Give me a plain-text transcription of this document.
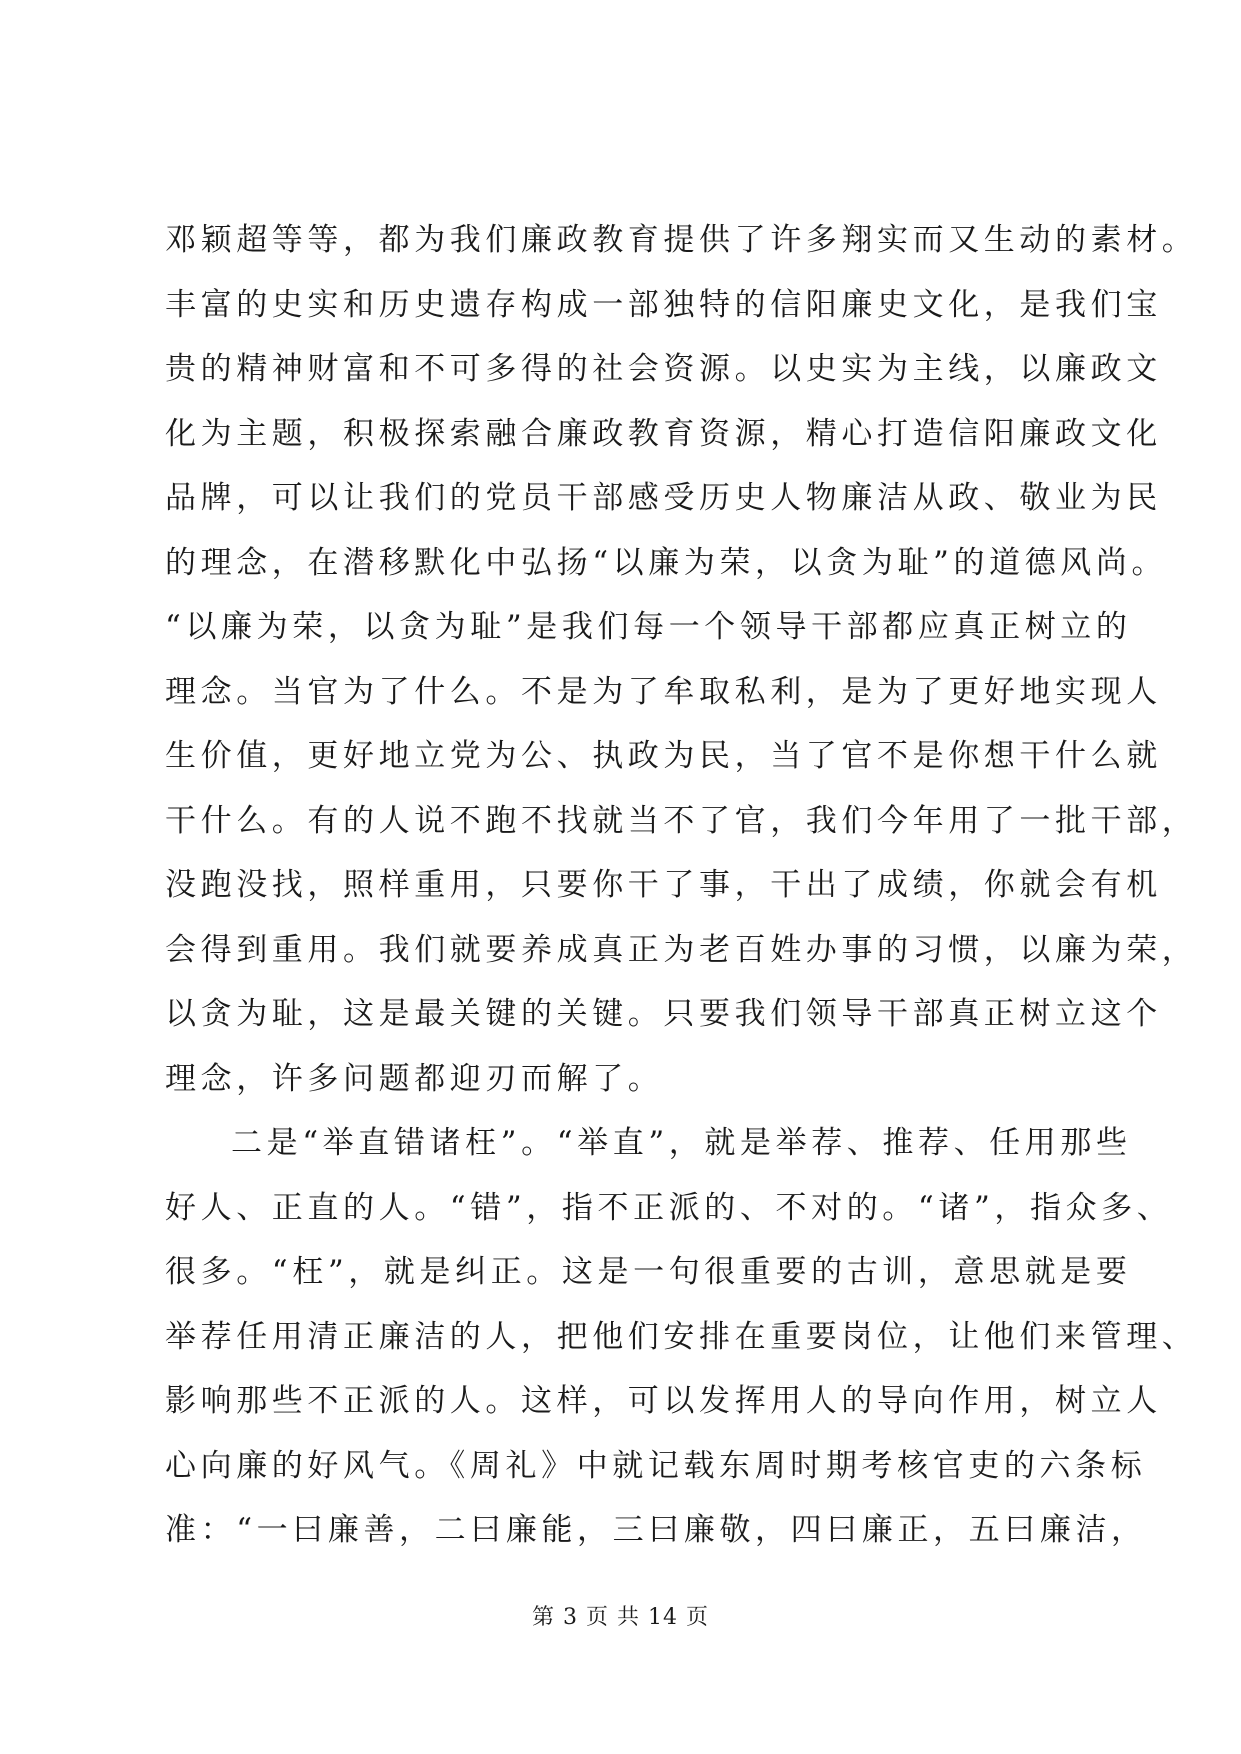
邓颖超等等，都为我们廉政教育提供了许多翔实而又生动的素材。
丰富的史实和历史遗存构成一部独特的信阳廉史文化，是我们宝
贵的精神财富和不可多得的社会资源。以史实为主线，以廉政文
化为主题，积极探索融合廉政教育资源，精心打造信阳廉政文化
品牌，可以让我们的党员干部感受历史人物廉洁从政、敬业为民
的理念，在潜移默化中弘扬“以廉为荣，以贪为耻”的道德风尚。
“以廉为荣，以贪为耻”是我们每一个领导干部都应真正树立的
理念。当官为了什么。不是为了牟取私利，是为了更好地实现人
生价值，更好地立党为公、执政为民，当了官不是你想干什么就
干什么。有的人说不跑不找就当不了官，我们今年用了一批干部，
没跑没找，照样重用，只要你干了事，干出了成绩，你就会有机
会得到重用。我们就要养成真正为老百姓办事的习惯，以廉为荣，
以贪为耻，这是最关键的关键。只要我们领导干部真正树立这个
理念，许多问题都迎刃而解了。
二是“举直错诸枉”。“举直”，就是举荐、推荐、任用那些
好人、正直的人。“错”，指不正派的、不对的。“诸”，指众多、
很多。“枉”，就是纠正。这是一句很重要的古训，意思就是要
举荐任用清正廉洁的人，把他们安排在重要岗位，让他们来管理、
影响那些不正派的人。这样，可以发挥用人的导向作用，树立人
心向廉的好风气。《周礼》中就记载东周时期考核官吏的六条标
准：“一曰廉善，二曰廉能，三曰廉敬，四曰廉正，五曰廉洁，
第 3 页 共 14 页
